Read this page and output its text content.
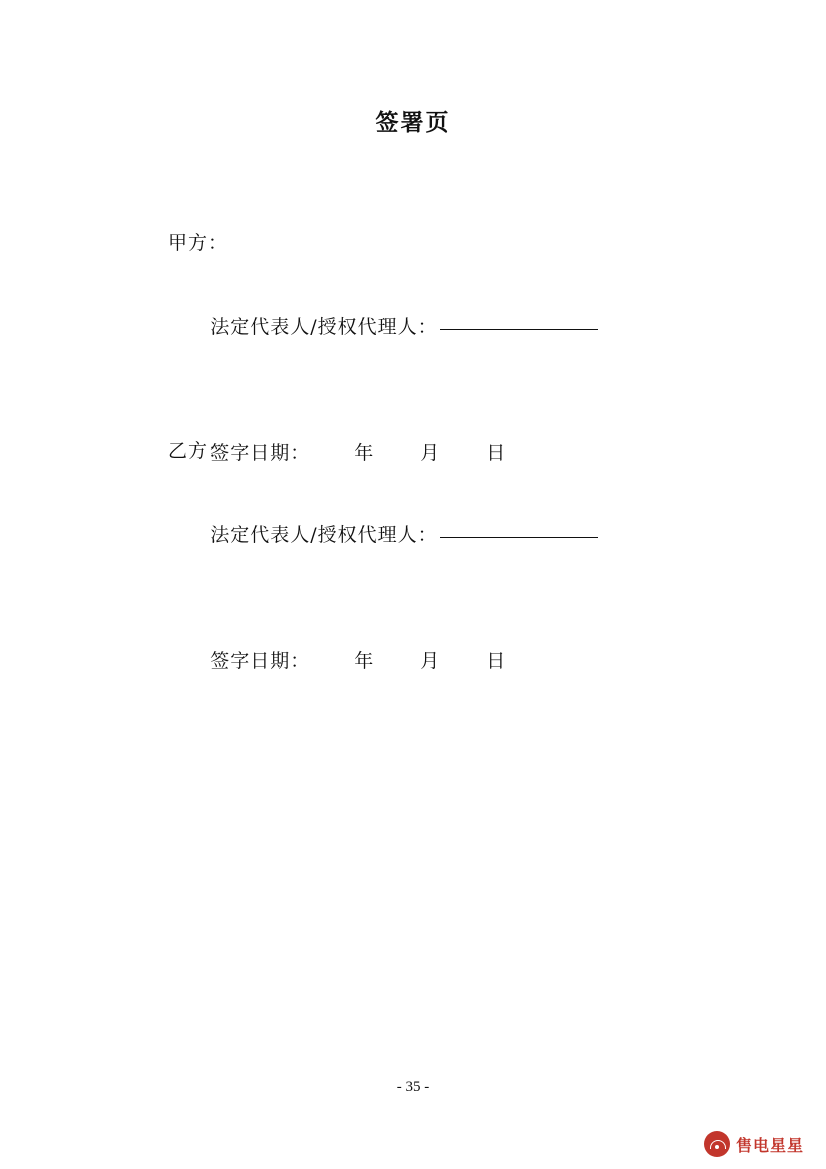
签署页
甲方：

法定代表人/授权代理人：

签字日期： 年 月 日

乙方：

法定代表人/授权代理人：

签字日期： 年 月 日

- 35 -
售电星星
